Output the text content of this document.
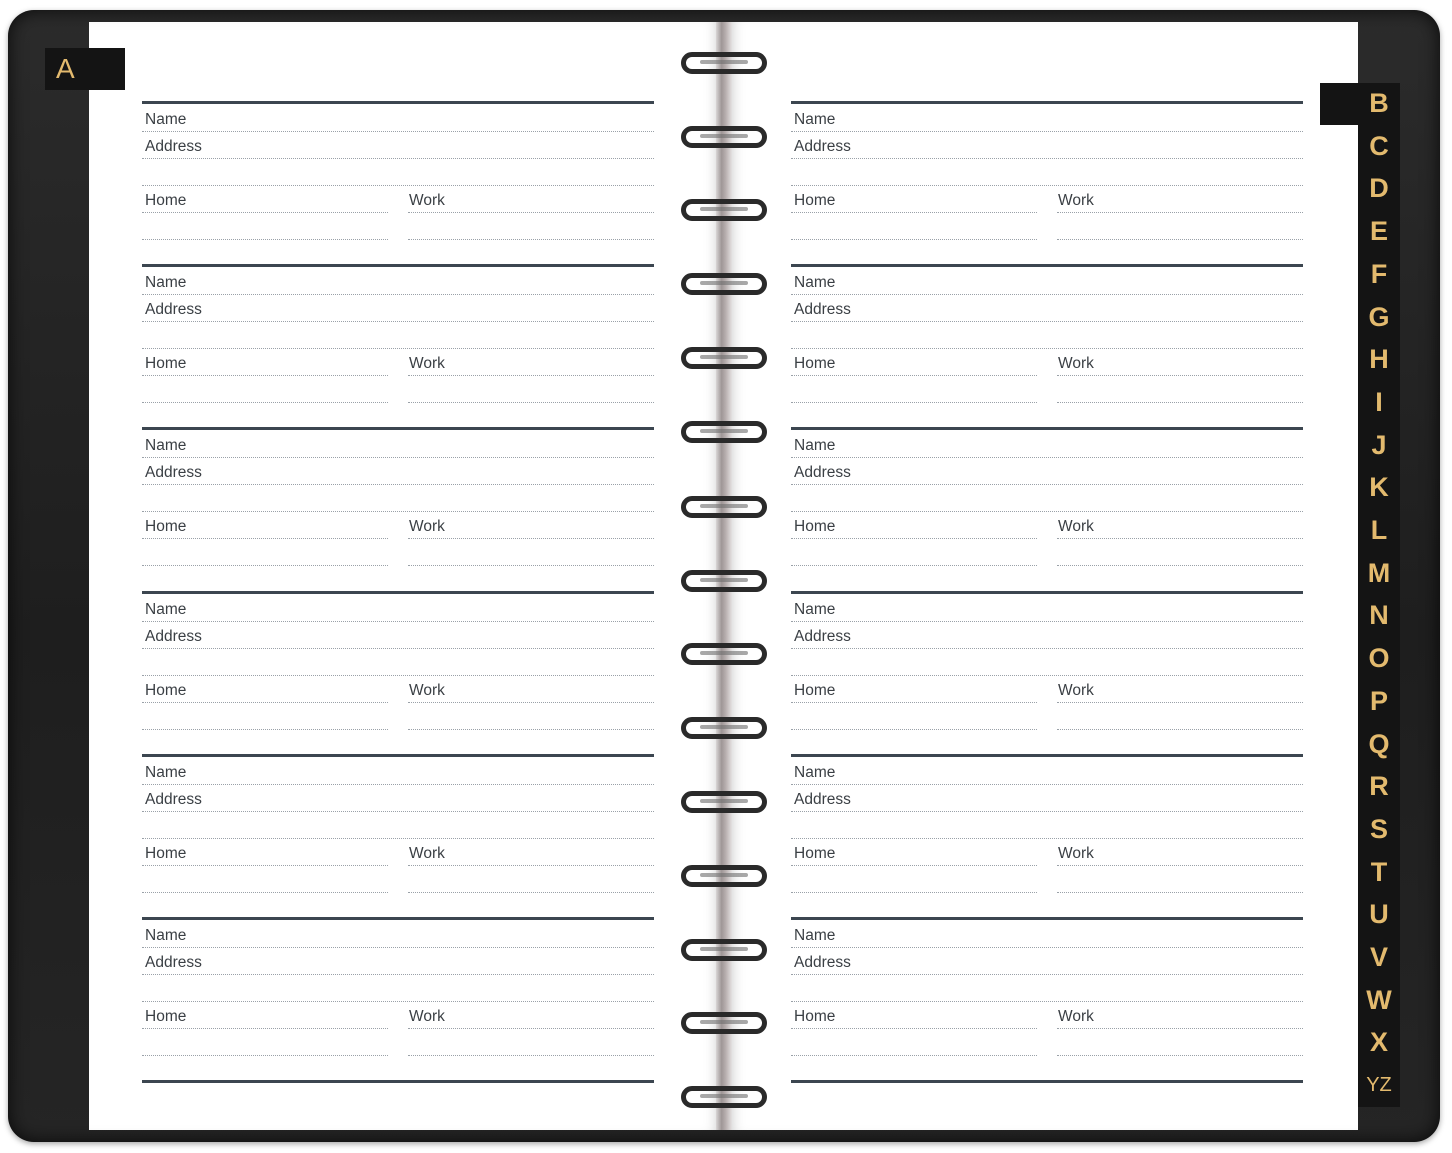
A
B
C
D
E
F
G
H
I
J
K
L
M
N
O
P
Q
R
S
T
U
V
W
X
YZ
Name
Address
Home	Work
Name
Address
Home	Work
Name
Address
Home	Work
Name
Address
Home	Work
Name
Address
Home	Work
Name
Address
Home	Work
Name
Address
Home	Work
Name
Address
Home	Work
Name
Address
Home	Work
Name
Address
Home	Work
Name
Address
Home	Work
Name
Address
Home	Work
